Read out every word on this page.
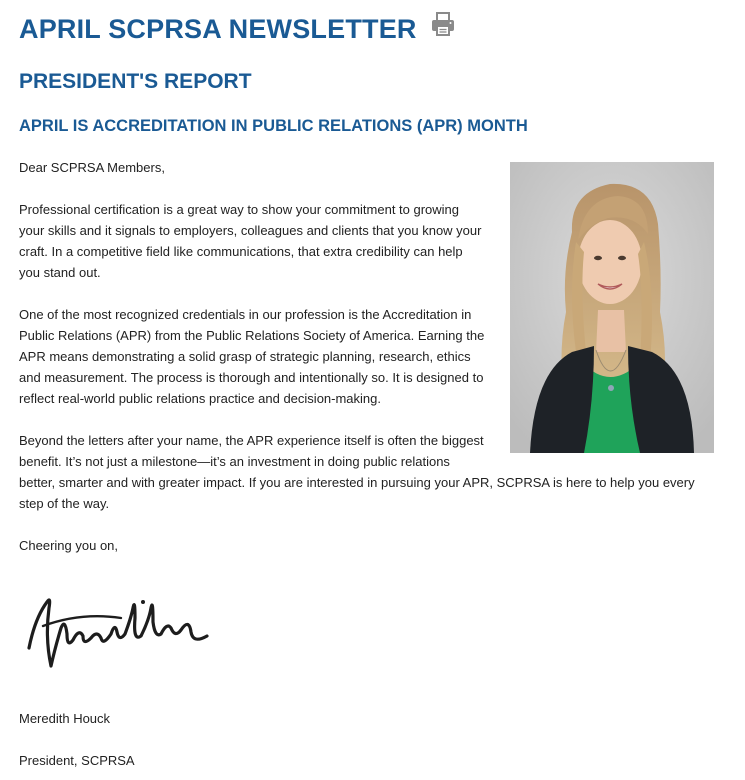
APRIL SCPRSA NEWSLETTER
PRESIDENT'S REPORT
APRIL IS ACCREDITATION IN PUBLIC RELATIONS (APR) MONTH

Dear SCPRSA Members,

Professional certification is a great way to show your commitment to growing
your skills and it signals to employers, colleagues and clients that you know your
craft. In a competitive field like communications, that extra credibility can help
you stand out.

One of the most recognized credentials in our profession is the Accreditation in
Public Relations (APR) from the Public Relations Society of America. Earning the
APR means demonstrating a solid grasp of strategic planning, research, ethics
and measurement. The process is thorough and intentionally so. It is designed to
reflect real-world public relations practice and decision-making.

Beyond the letters after your name, the APR experience itself is often the biggest
benefit. It’s not just a milestone—it’s an investment in doing public relations
better, smarter and with greater impact. If you are interested in pursuing your APR, SCPRSA is here to help you every
step of the way.

Cheering you on,

Meredith Houck

President, SCPRSA
